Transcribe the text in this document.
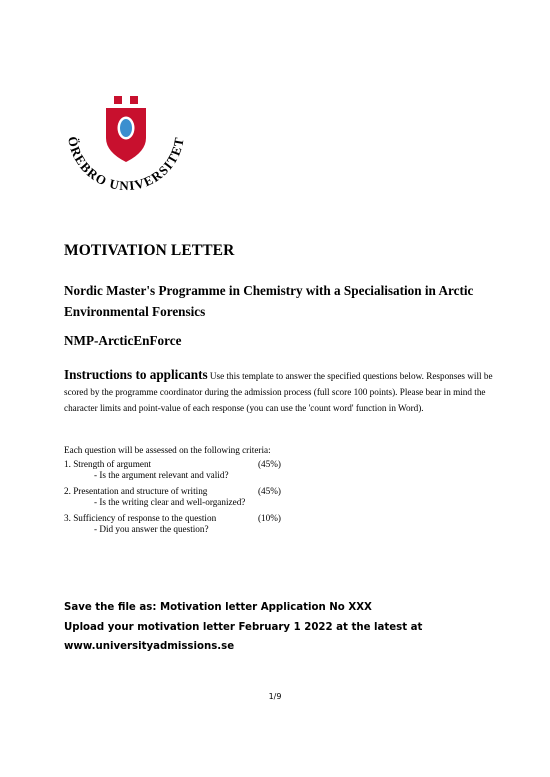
ÖREBRO UNIVERSITET
MOTIVATION LETTER
Nordic Master's Programme in Chemistry with a Specialisation in Arctic Environmental Forensics
NMP-ArcticEnForce
Instructions to applicants Use this template to answer the specified questions below. Responses will be scored by the programme coordinator during the admission process (full score 100 points). Please bear in mind the character limits and point-value of each response (you can use the 'count word' function in Word).
Each question will be assessed on the following criteria:
1. Strength of argument	(45%)
- Is the argument relevant and valid?
2. Presentation and structure of writing	(45%)
- Is the writing clear and well-organized?
3. Sufficiency of response to the question	(10%)
- Did you answer the question?
Save the file as: Motivation letter Application No XXX
Upload your motivation letter February 1 2022 at the latest at
www.universityadmissions.se
1/9
